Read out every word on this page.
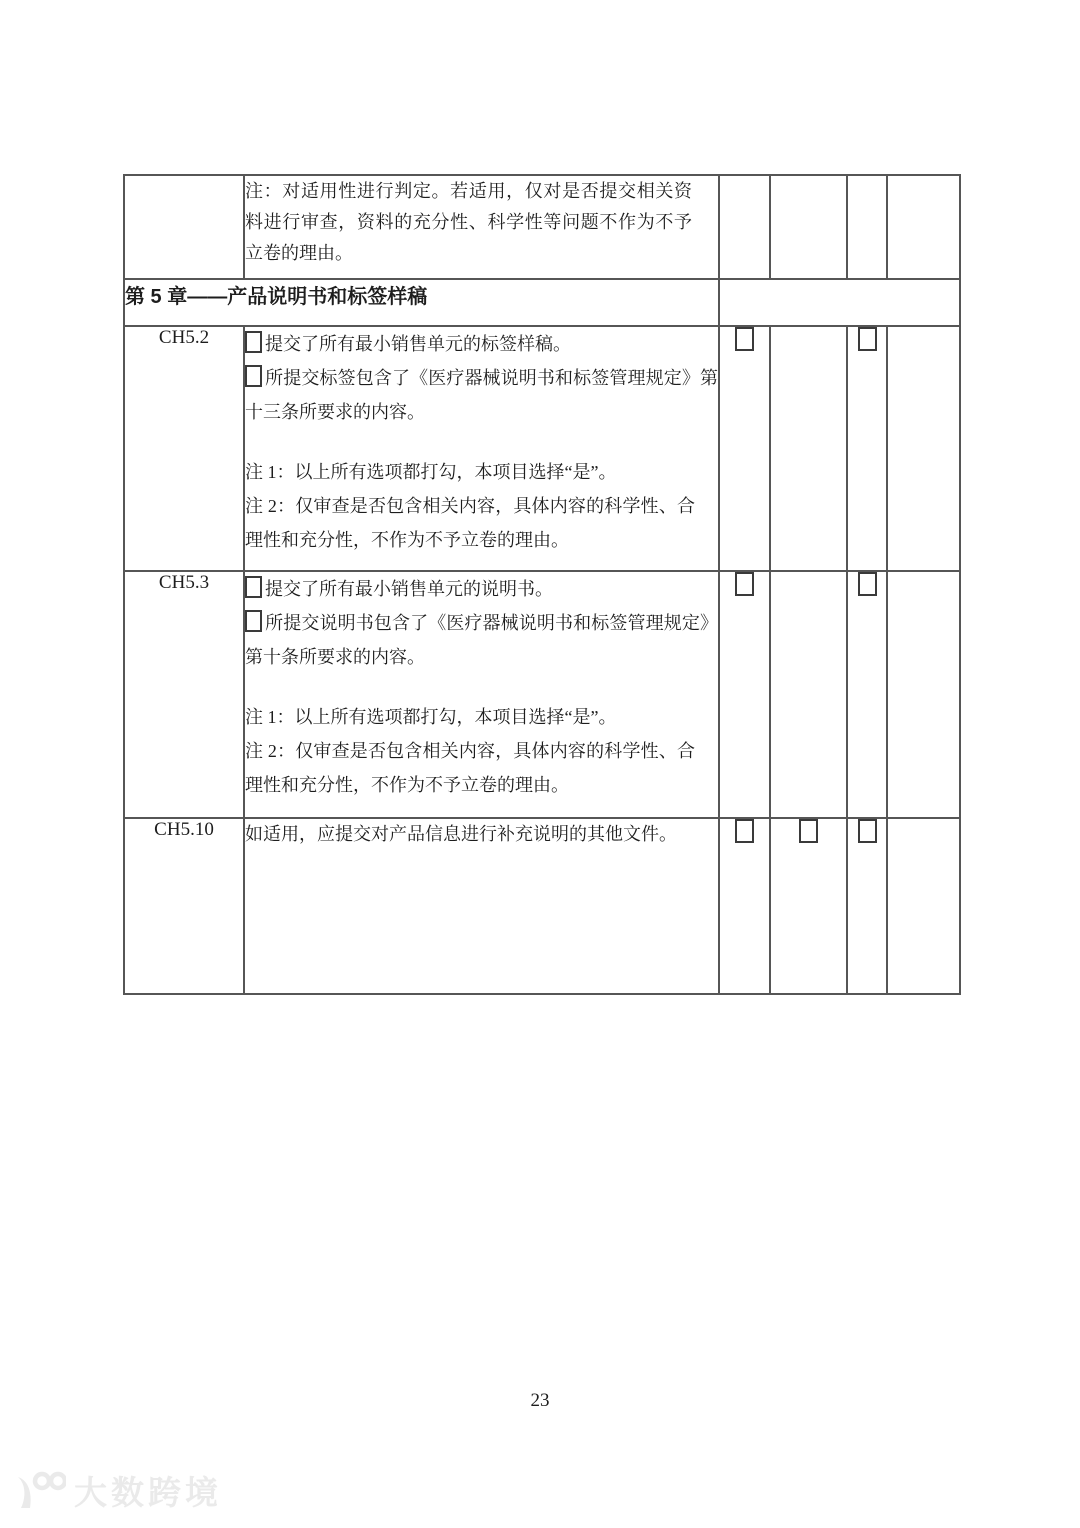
	注：对适用性进行判定。若适用，仅对是否提交相关资料进行审查，资料的充分性、科学性等问题不作为不予立卷的理由。				

第 5 章——产品说明书和标签样稿					
CH5.2	提交了所有最小销售单元的标签样稿。
所提交标签包含了《医疗器械说明书和标签管理规定》第十三条所要求的内容。
注 1：以上所有选项都打勾，本项目选择“是”。
注 2：仅审查是否包含相关内容，具体内容的科学性、合理性和充分性，不作为不予立卷的理由。				

CH5.3	提交了所有最小销售单元的说明书。
所提交说明书包含了《医疗器械说明书和标签管理规定》第十条所要求的内容。
注 1：以上所有选项都打勾，本项目选择“是”。
注 2：仅审查是否包含相关内容，具体内容的科学性、合理性和充分性，不作为不予立卷的理由。				

CH5.10	如适用，应提交对产品信息进行补充说明的其他文件。				

23
大数跨境
